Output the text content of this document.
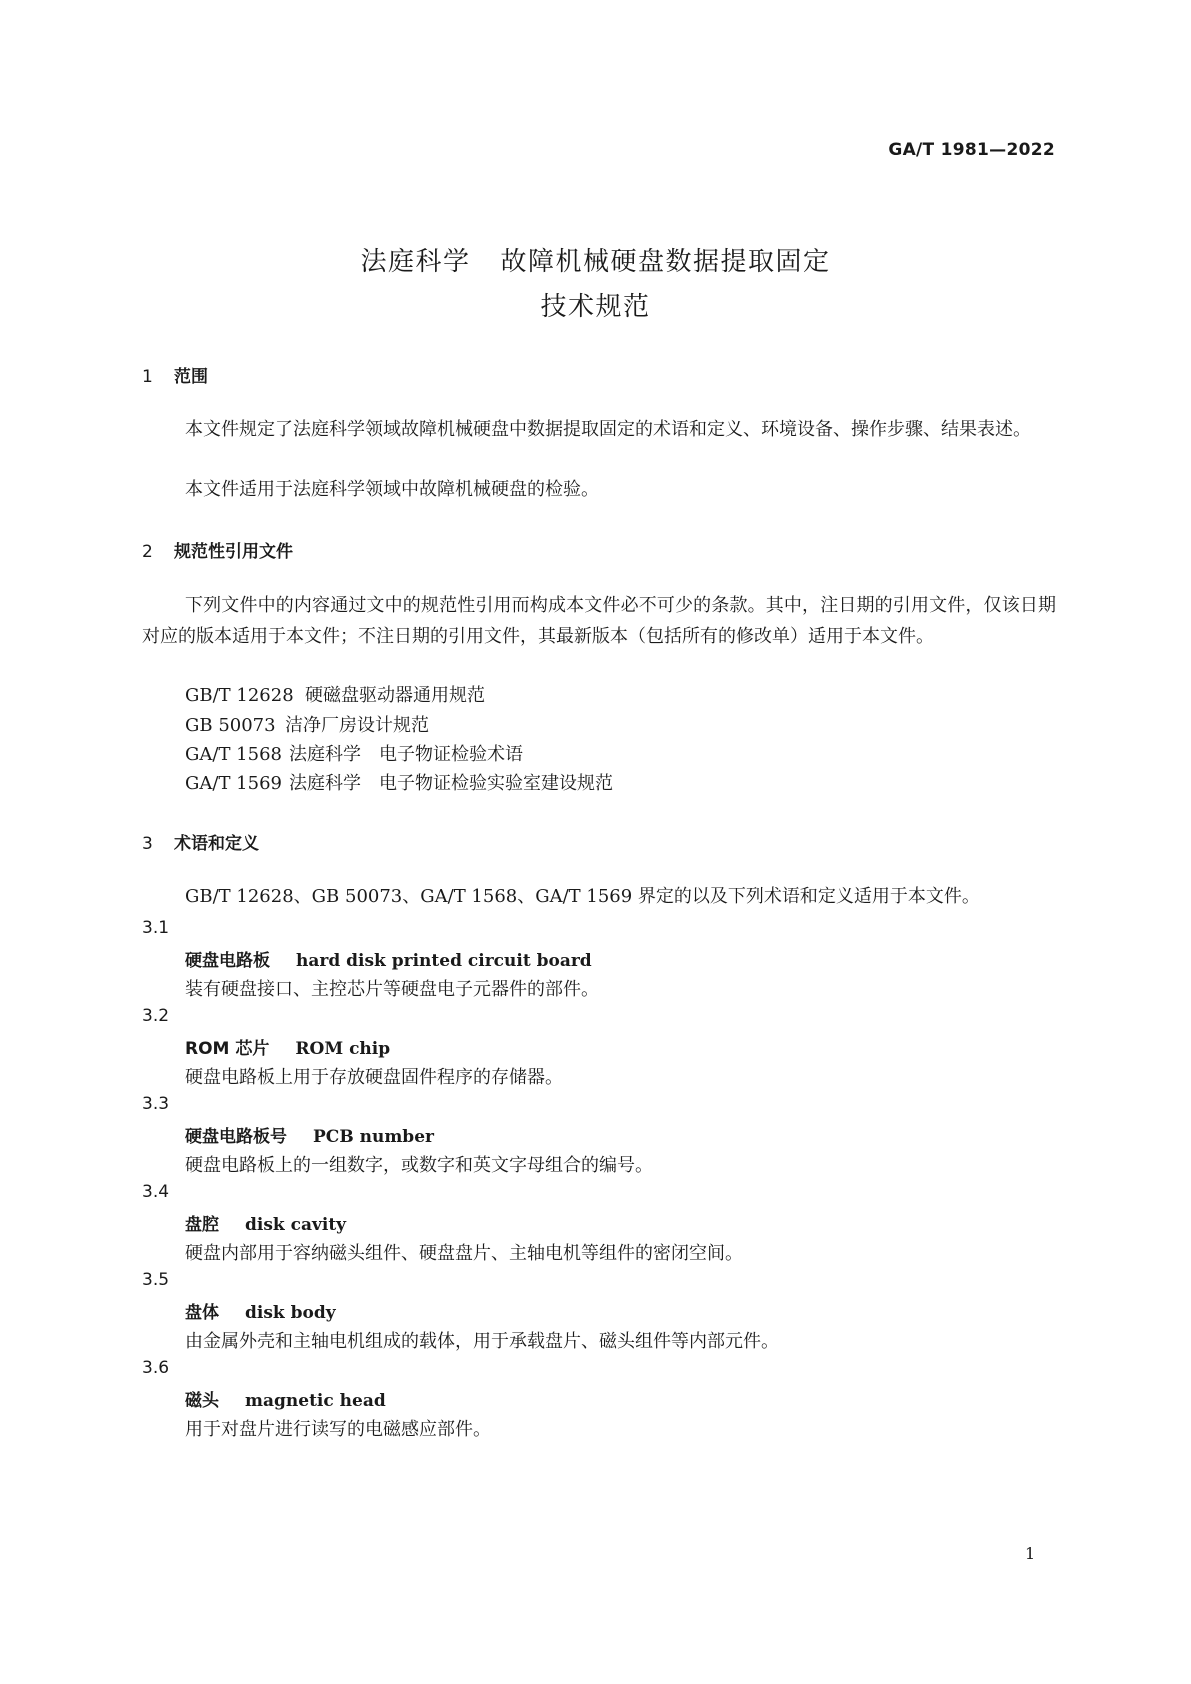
GA/T 1981—2022
法庭科学 故障机械硬盘数据提取固定
技术规范
1 范围
本文件规定了法庭科学领域故障机械硬盘中数据提取固定的术语和定义、环境设备、操作步骤、结果表述。
本文件适用于法庭科学领域中故障机械硬盘的检验。
2 规范性引用文件
下列文件中的内容通过文中的规范性引用而构成本文件必不可少的条款。其中，注日期的引用文件，仅该日期对应的版本适用于本文件；不注日期的引用文件，其最新版本（包括所有的修改单）适用于本文件。
GB/T 12628 硬磁盘驱动器通用规范
GB 50073 洁净厂房设计规范
GA/T 1568 法庭科学　电子物证检验术语
GA/T 1569 法庭科学　电子物证检验实验室建设规范
3 术语和定义
GB/T 12628、GB 50073、GA/T 1568、GA/T 1569 界定的以及下列术语和定义适用于本文件。
3.1
硬盘电路板 hard disk printed circuit board
装有硬盘接口、主控芯片等硬盘电子元器件的部件。
3.2
ROM 芯片 ROM chip
硬盘电路板上用于存放硬盘固件程序的存储器。
3.3
硬盘电路板号 PCB number
硬盘电路板上的一组数字，或数字和英文字母组合的编号。
3.4
盘腔 disk cavity
硬盘内部用于容纳磁头组件、硬盘盘片、主轴电机等组件的密闭空间。
3.5
盘体 disk body
由金属外壳和主轴电机组成的载体，用于承载盘片、磁头组件等内部元件。
3.6
磁头 magnetic head
用于对盘片进行读写的电磁感应部件。
1
